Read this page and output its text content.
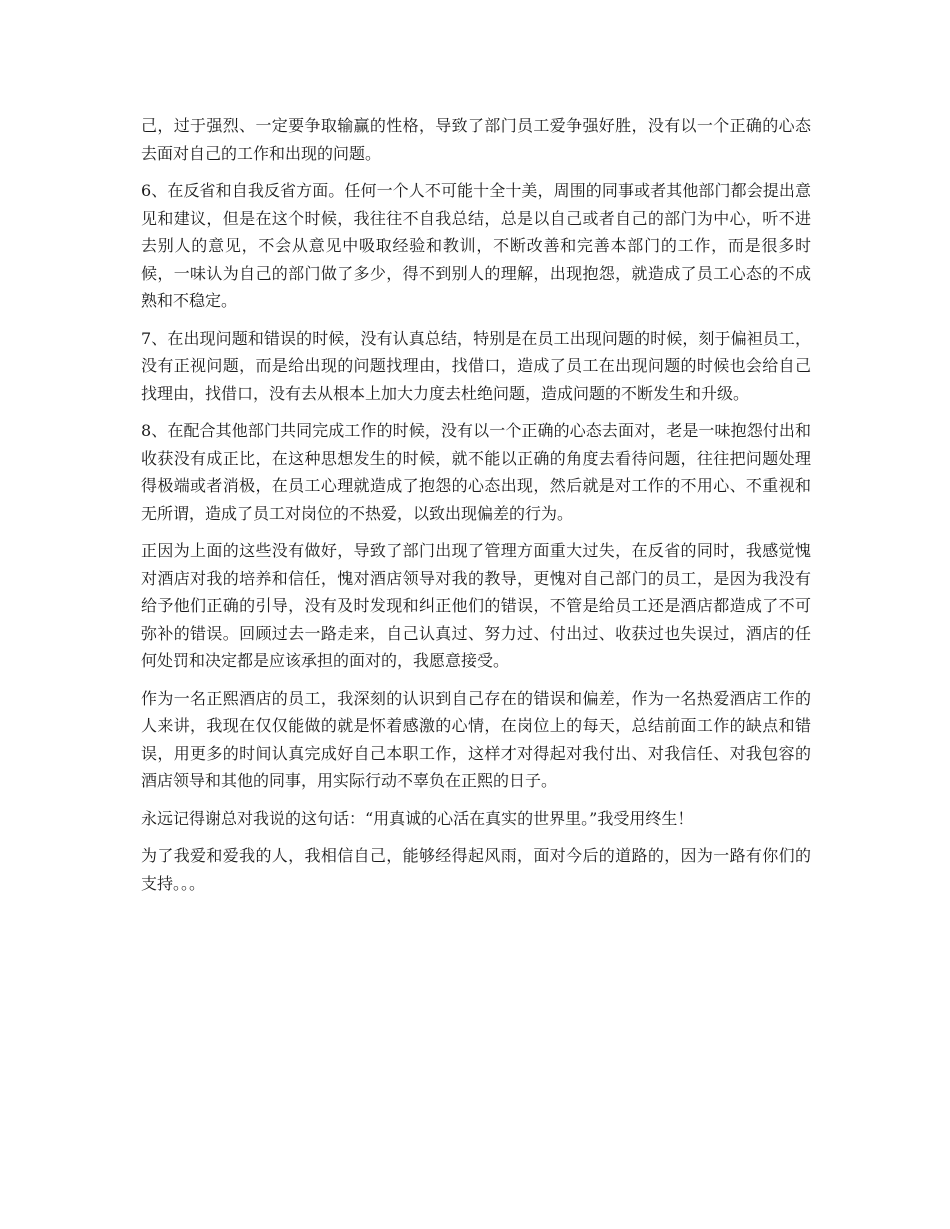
己，过于强烈、一定要争取输赢的性格，导致了部门员工爱争强好胜，没有以一个正确的心态去面对自己的工作和出现的问题。

6、在反省和自我反省方面。任何一个人不可能十全十美，周围的同事或者其他部门都会提出意见和建议，但是在这个时候，我往往不自我总结，总是以自己或者自己的部门为中心，听不进去别人的意见，不会从意见中吸取经验和教训，不断改善和完善本部门的工作，而是很多时候，一味认为自己的部门做了多少，得不到别人的理解，出现抱怨，就造成了员工心态的不成熟和不稳定。

7、在出现问题和错误的时候，没有认真总结，特别是在员工出现问题的时候，刻于偏袒员工，没有正视问题，而是给出现的问题找理由，找借口，造成了员工在出现问题的时候也会给自己找理由，找借口，没有去从根本上加大力度去杜绝问题，造成问题的不断发生和升级。

8、在配合其他部门共同完成工作的时候，没有以一个正确的心态去面对，老是一味抱怨付出和收获没有成正比，在这种思想发生的时候，就不能以正确的角度去看待问题，往往把问题处理得极端或者消极，在员工心理就造成了抱怨的心态出现，然后就是对工作的不用心、不重视和无所谓，造成了员工对岗位的不热爱，以致出现偏差的行为。

正因为上面的这些没有做好，导致了部门出现了管理方面重大过失，在反省的同时，我感觉愧对酒店对我的培养和信任，愧对酒店领导对我的教导，更愧对自己部门的员工，是因为我没有给予他们正确的引导，没有及时发现和纠正他们的错误，不管是给员工还是酒店都造成了不可弥补的错误。回顾过去一路走来，自己认真过、努力过、付出过、收获过也失误过，酒店的任何处罚和决定都是应该承担的面对的，我愿意接受。

作为一名正熙酒店的员工，我深刻的认识到自己存在的错误和偏差，作为一名热爱酒店工作的人来讲，我现在仅仅能做的就是怀着感激的心情，在岗位上的每天，总结前面工作的缺点和错误，用更多的时间认真完成好自己本职工作，这样才对得起对我付出、对我信任、对我包容的酒店领导和其他的同事，用实际行动不辜负在正熙的日子。

永远记得谢总对我说的这句话：“用真诚的心活在真实的世界里。”我受用终生！

为了我爱和爱我的人，我相信自己，能够经得起风雨，面对今后的道路的，因为一路有你们的支持。。。
